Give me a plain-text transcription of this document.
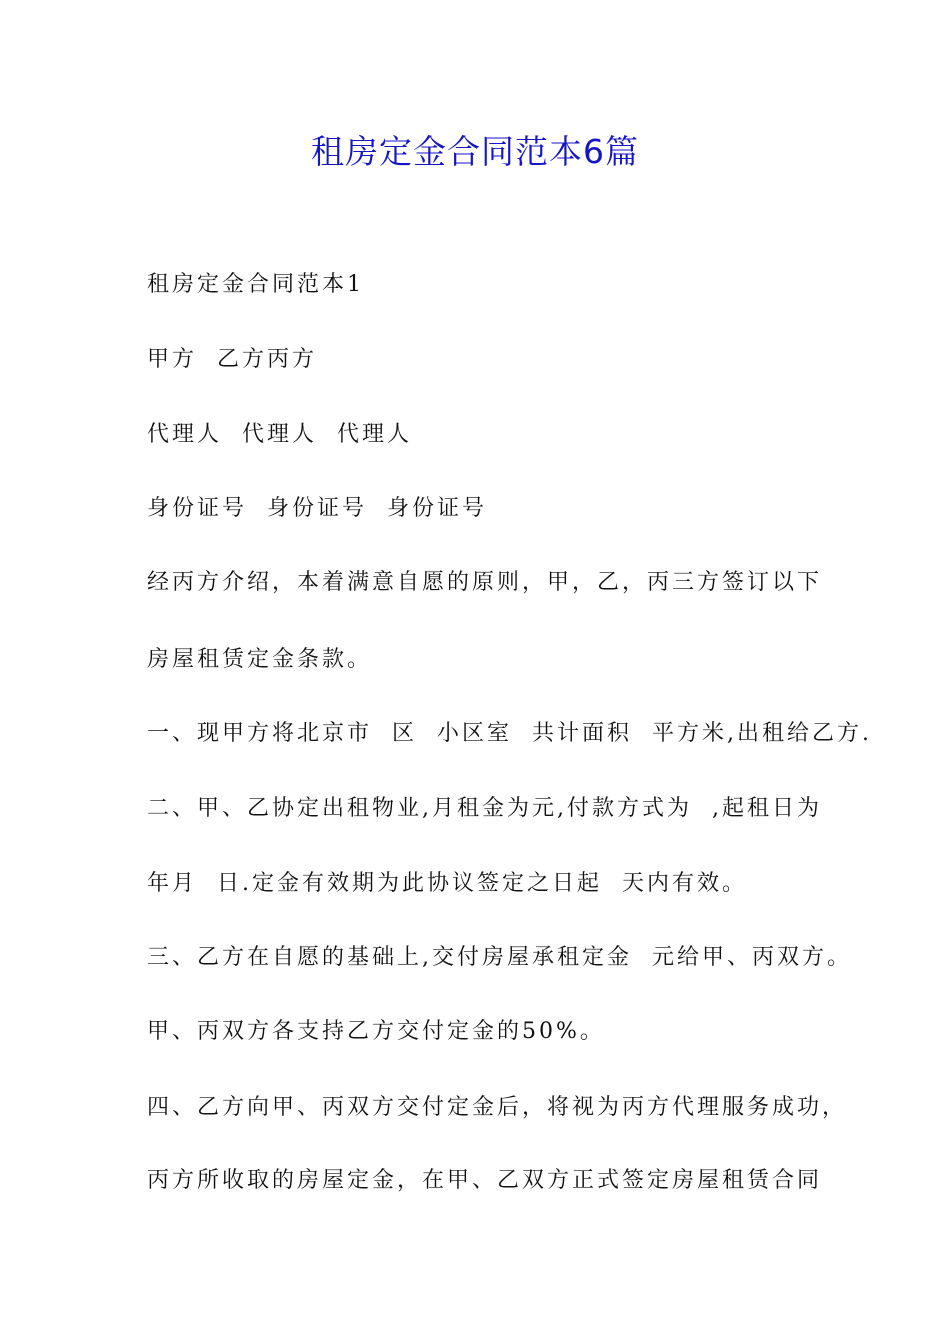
租房定金合同范本6篇
租房定金合同范本1
甲方  乙方丙方
代理人  代理人  代理人
身份证号  身份证号  身份证号
经丙方介绍，本着满意自愿的原则，甲，乙，丙三方签订以下
房屋租赁定金条款。
一、现甲方将北京市  区  小区室  共计面积  平方米,出租给乙方.
二、甲、乙协定出租物业,月租金为元,付款方式为  ,起租日为
年月  日.定金有效期为此协议签定之日起  天内有效。
三、乙方在自愿的基础上,交付房屋承租定金  元给甲、丙双方。
甲、丙双方各支持乙方交付定金的50%。
四、乙方向甲、丙双方交付定金后，将视为丙方代理服务成功，
丙方所收取的房屋定金，在甲、乙双方正式签定房屋租赁合同
